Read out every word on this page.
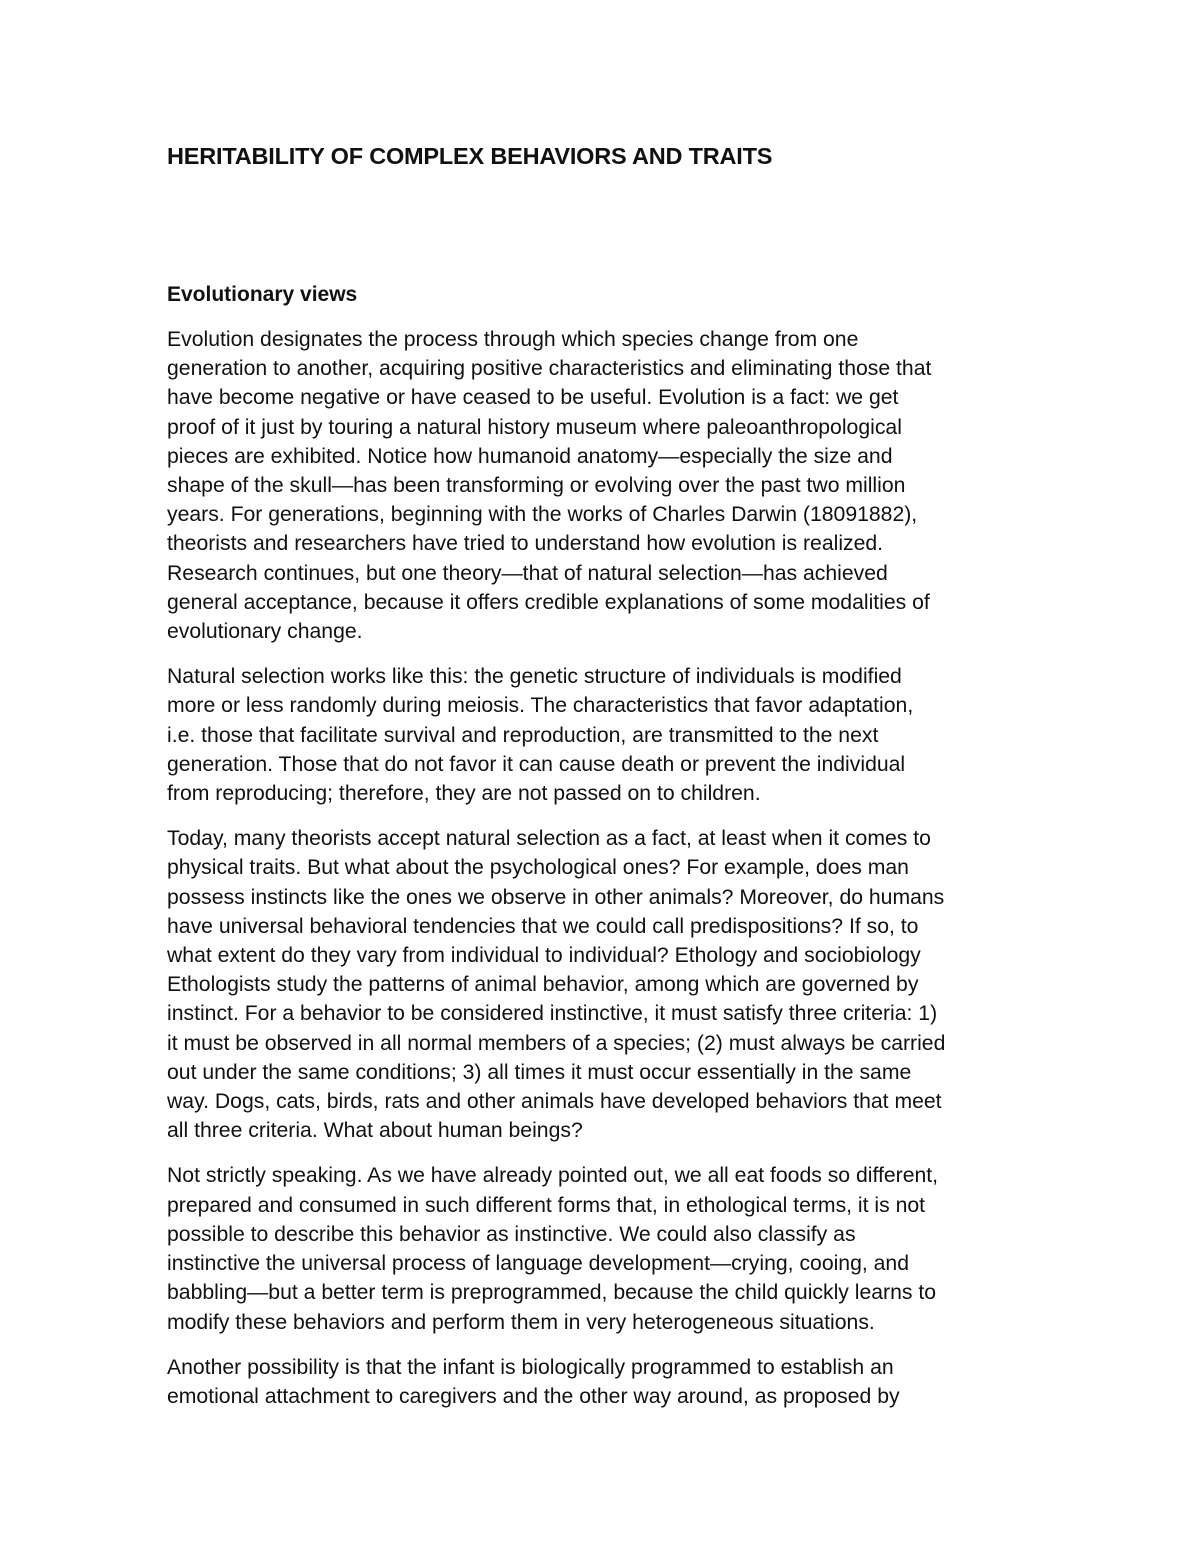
HERITABILITY OF COMPLEX BEHAVIORS AND TRAITS
Evolutionary views

Evolution designates the process through which species change from one
generation to another, acquiring positive characteristics and eliminating those that
have become negative or have ceased to be useful. Evolution is a fact: we get
proof of it just by touring a natural history museum where paleoanthropological
pieces are exhibited. Notice how humanoid anatomy—especially the size and
shape of the skull—has been transforming or evolving over the past two million
years. For generations, beginning with the works of Charles Darwin (18091882),
theorists and researchers have tried to understand how evolution is realized.
Research continues, but one theory—that of natural selection—has achieved
general acceptance, because it offers credible explanations of some modalities of
evolutionary change.

Natural selection works like this: the genetic structure of individuals is modified
more or less randomly during meiosis. The characteristics that favor adaptation,
i.e. those that facilitate survival and reproduction, are transmitted to the next
generation. Those that do not favor it can cause death or prevent the individual
from reproducing; therefore, they are not passed on to children.

Today, many theorists accept natural selection as a fact, at least when it comes to
physical traits. But what about the psychological ones? For example, does man
possess instincts like the ones we observe in other animals? Moreover, do humans
have universal behavioral tendencies that we could call predispositions? If so, to
what extent do they vary from individual to individual? Ethology and sociobiology
Ethologists study the patterns of animal behavior, among which are governed by
instinct. For a behavior to be considered instinctive, it must satisfy three criteria: 1)
it must be observed in all normal members of a species; (2) must always be carried
out under the same conditions; 3) all times it must occur essentially in the same
way. Dogs, cats, birds, rats and other animals have developed behaviors that meet
all three criteria. What about human beings?

Not strictly speaking. As we have already pointed out, we all eat foods so different,
prepared and consumed in such different forms that, in ethological terms, it is not
possible to describe this behavior as instinctive. We could also classify as
instinctive the universal process of language development—crying, cooing, and
babbling—but a better term is preprogrammed, because the child quickly learns to
modify these behaviors and perform them in very heterogeneous situations.

Another possibility is that the infant is biologically programmed to establish an
emotional attachment to caregivers and the other way around, as proposed by
